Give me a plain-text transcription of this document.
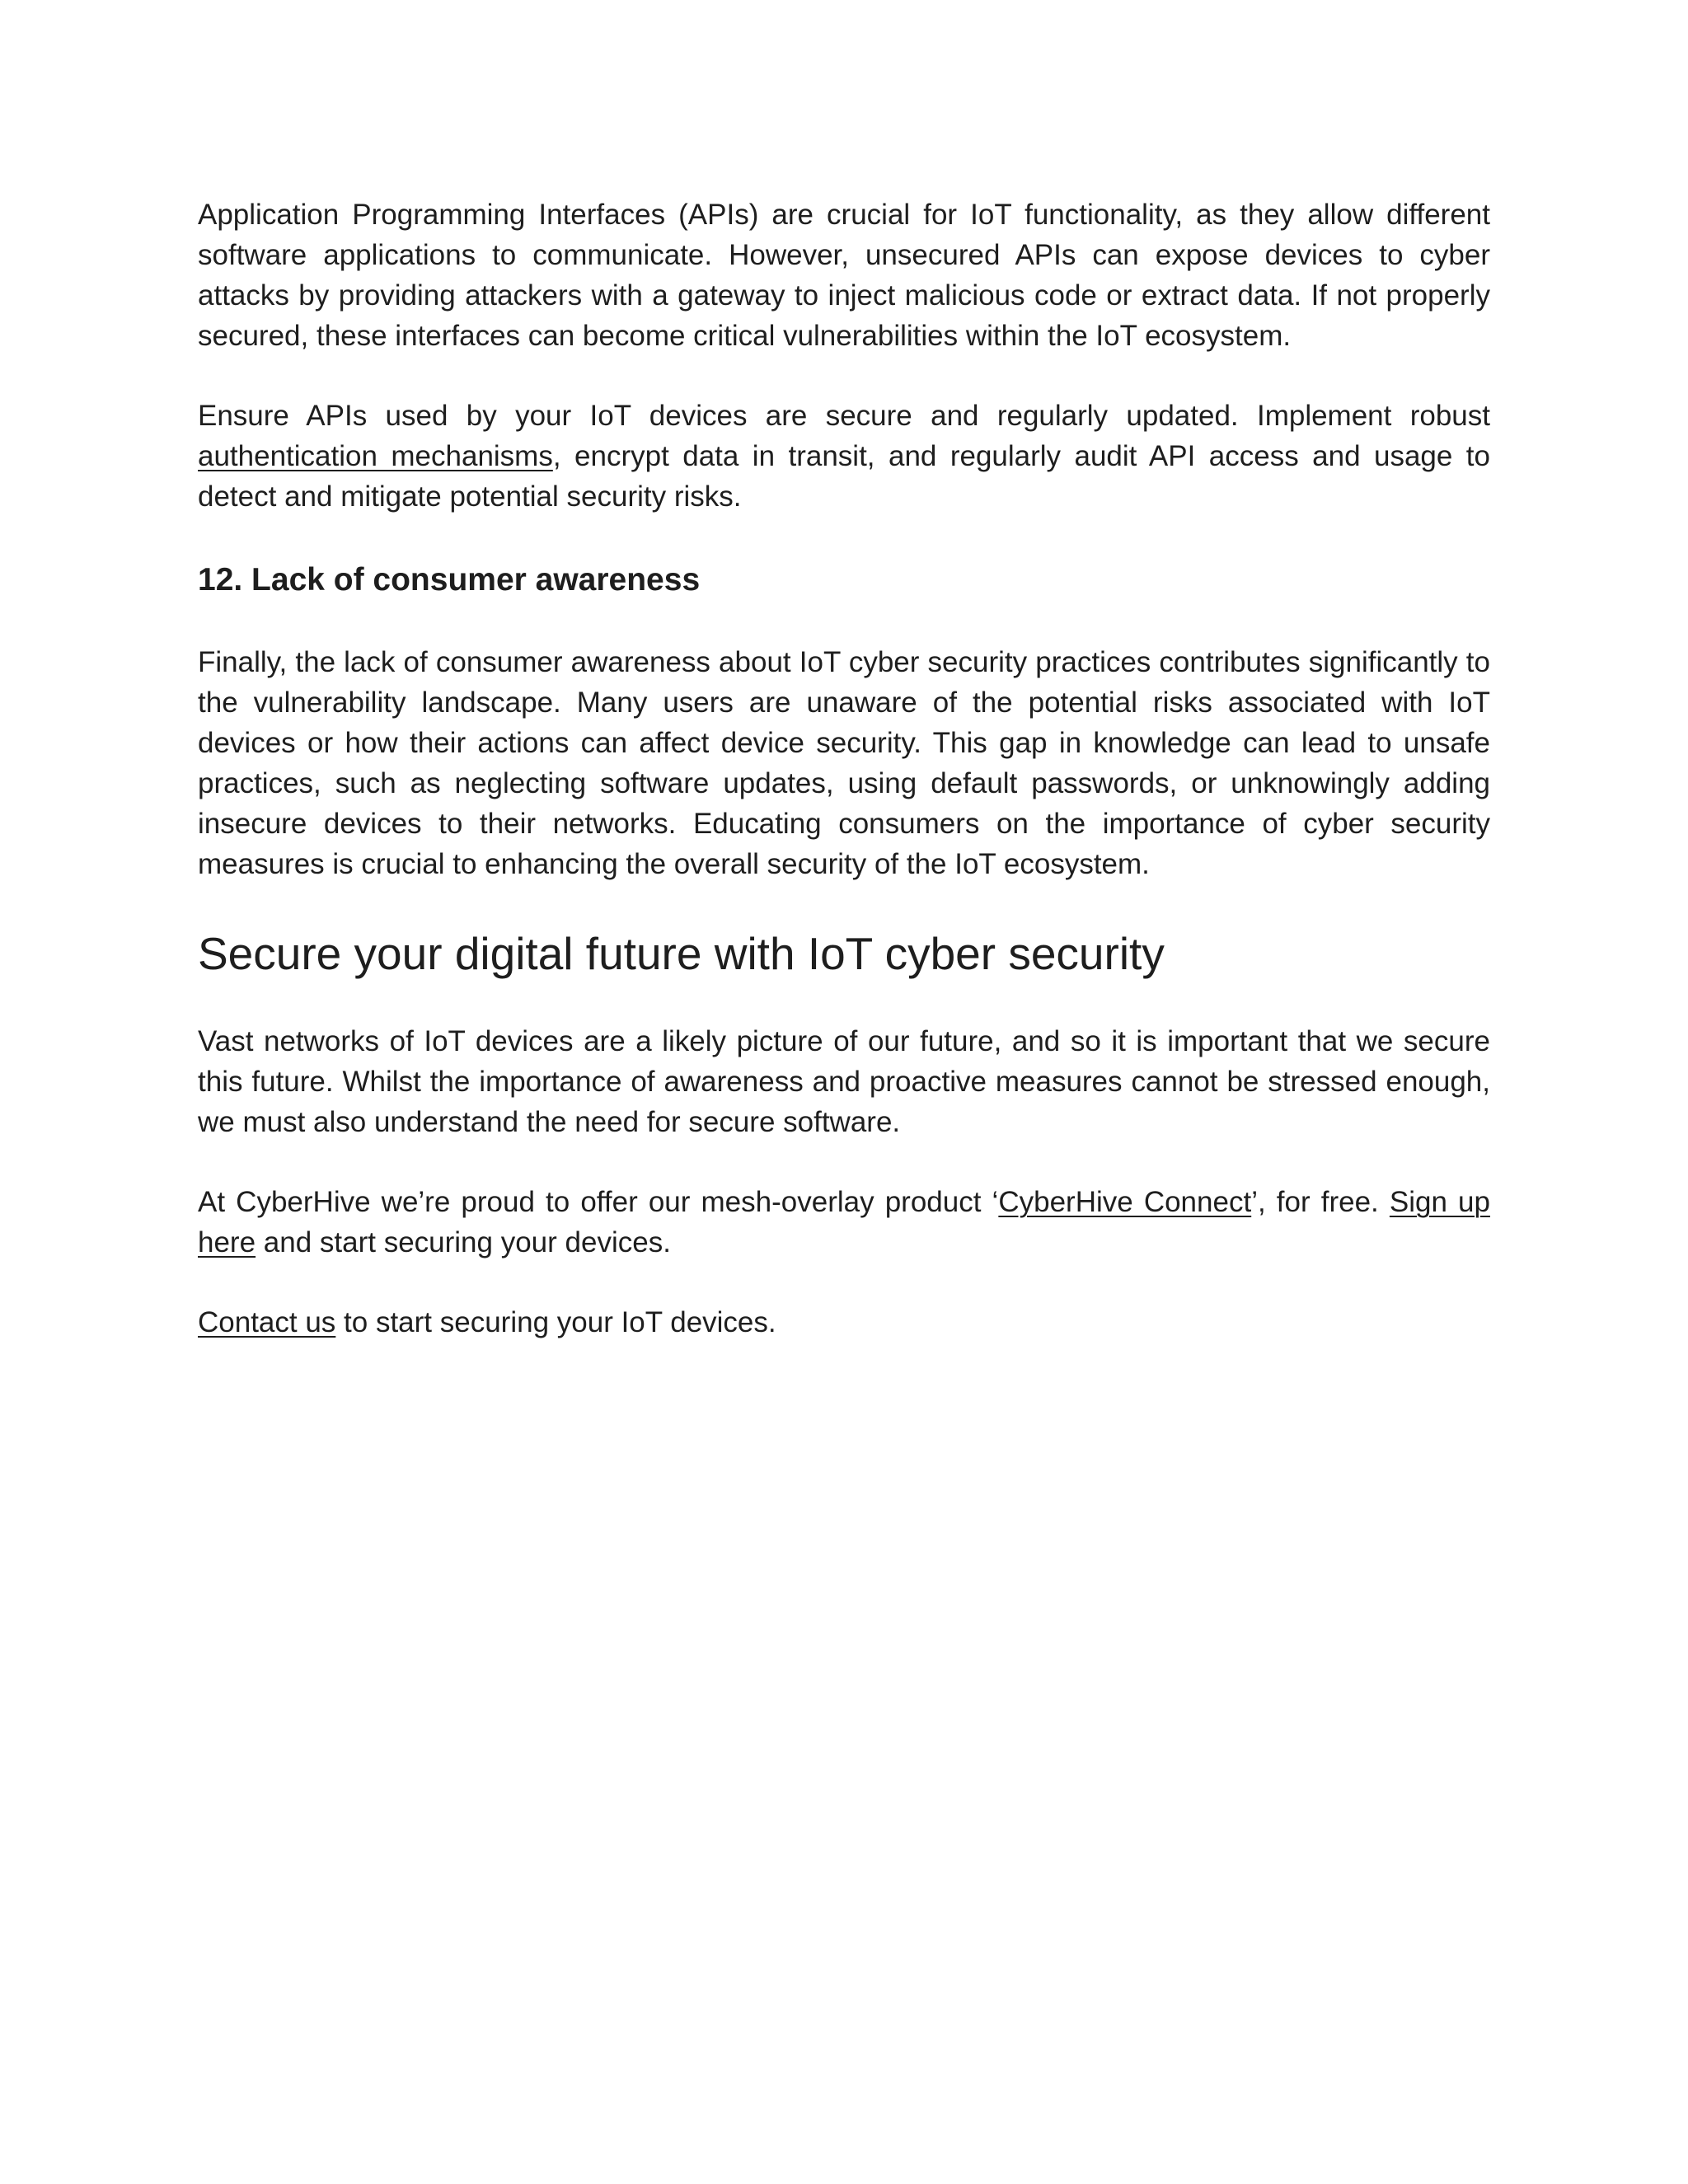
Application Programming Interfaces (APIs) are crucial for IoT functionality, as they allow different software applications to communicate. However, unsecured APIs can expose devices to cyber attacks by providing attackers with a gateway to inject malicious code or extract data. If not properly secured, these interfaces can become critical vulnerabilities within the IoT ecosystem.

Ensure APIs used by your IoT devices are secure and regularly updated. Implement robust authentication mechanisms, encrypt data in transit, and regularly audit API access and usage to detect and mitigate potential security risks.

12. Lack of consumer awareness

Finally, the lack of consumer awareness about IoT cyber security practices contributes significantly to the vulnerability landscape. Many users are unaware of the potential risks associated with IoT devices or how their actions can affect device security. This gap in knowledge can lead to unsafe practices, such as neglecting software updates, using default passwords, or unknowingly adding insecure devices to their networks. Educating consumers on the importance of cyber security measures is crucial to enhancing the overall security of the IoT ecosystem.

Secure your digital future with IoT cyber security

Vast networks of IoT devices are a likely picture of our future, and so it is important that we secure this future. Whilst the importance of awareness and proactive measures cannot be stressed enough, we must also understand the need for secure software.

At CyberHive we’re proud to offer our mesh-overlay product ‘CyberHive Connect’, for free. Sign up here and start securing your devices.

Contact us to start securing your IoT devices.
